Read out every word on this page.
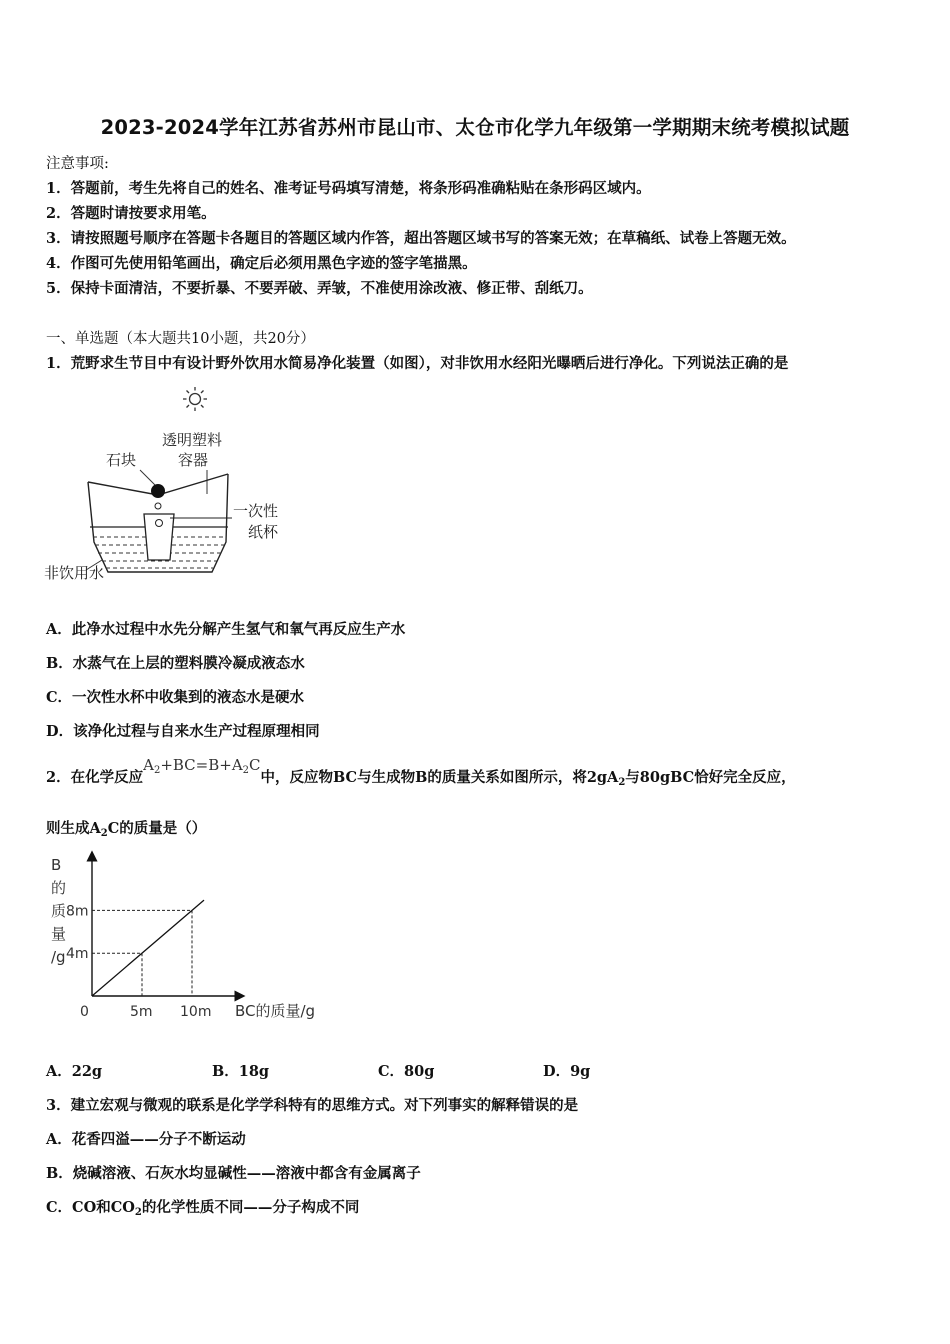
2023-2024学年江苏省苏州市昆山市、太仓市化学九年级第一学期期末统考模拟试题
注意事项:
1．答题前，考生先将自己的姓名、准考证号码填写清楚，将条形码准确粘贴在条形码区域内。
2．答题时请按要求用笔。
3．请按照题号顺序在答题卡各题目的答题区域内作答，超出答题区域书写的答案无效；在草稿纸、试卷上答题无效。
4．作图可先使用铅笔画出，确定后必须用黑色字迹的签字笔描黑。
5．保持卡面清洁，不要折暴、不要弄破、弄皱，不准使用涂改液、修正带、刮纸刀。
一、单选题（本大题共10小题，共20分）
1．荒野求生节目中有设计野外饮用水简易净化装置（如图），对非饮用水经阳光曝晒后进行净化。下列说法正确的是
透明塑料
容器
石块
一次性
纸杯
非饮用水
A．此净水过程中水先分解产生氢气和氧气再反应生产水
B．水蒸气在上层的塑料膜冷凝成液态水
C．一次性水杯中收集到的液态水是硬水
D．该净化过程与自来水生产过程原理相同
2．在化学反应$A_2+BC=B+A_2C$中，反应物BC与生成物B的质量关系如图所示，将$2gA_2$与80gBC恰好完全反应，
则生成$A_2C$的质量是（）
0	5m 10m
4m
8m
B
的
质
量
/g
BC的质量/g
A．22g	B．18g	C．80g	D．9g
3．建立宏观与微观的联系是化学学科特有的思维方式。对下列事实的解释错误的是
A．花香四溢——分子不断运动
B．烧碱溶液、石灰水均显碱性——溶液中都含有金属离子
C．CO和$CO_2$的化学性质不同——分子构成不同
